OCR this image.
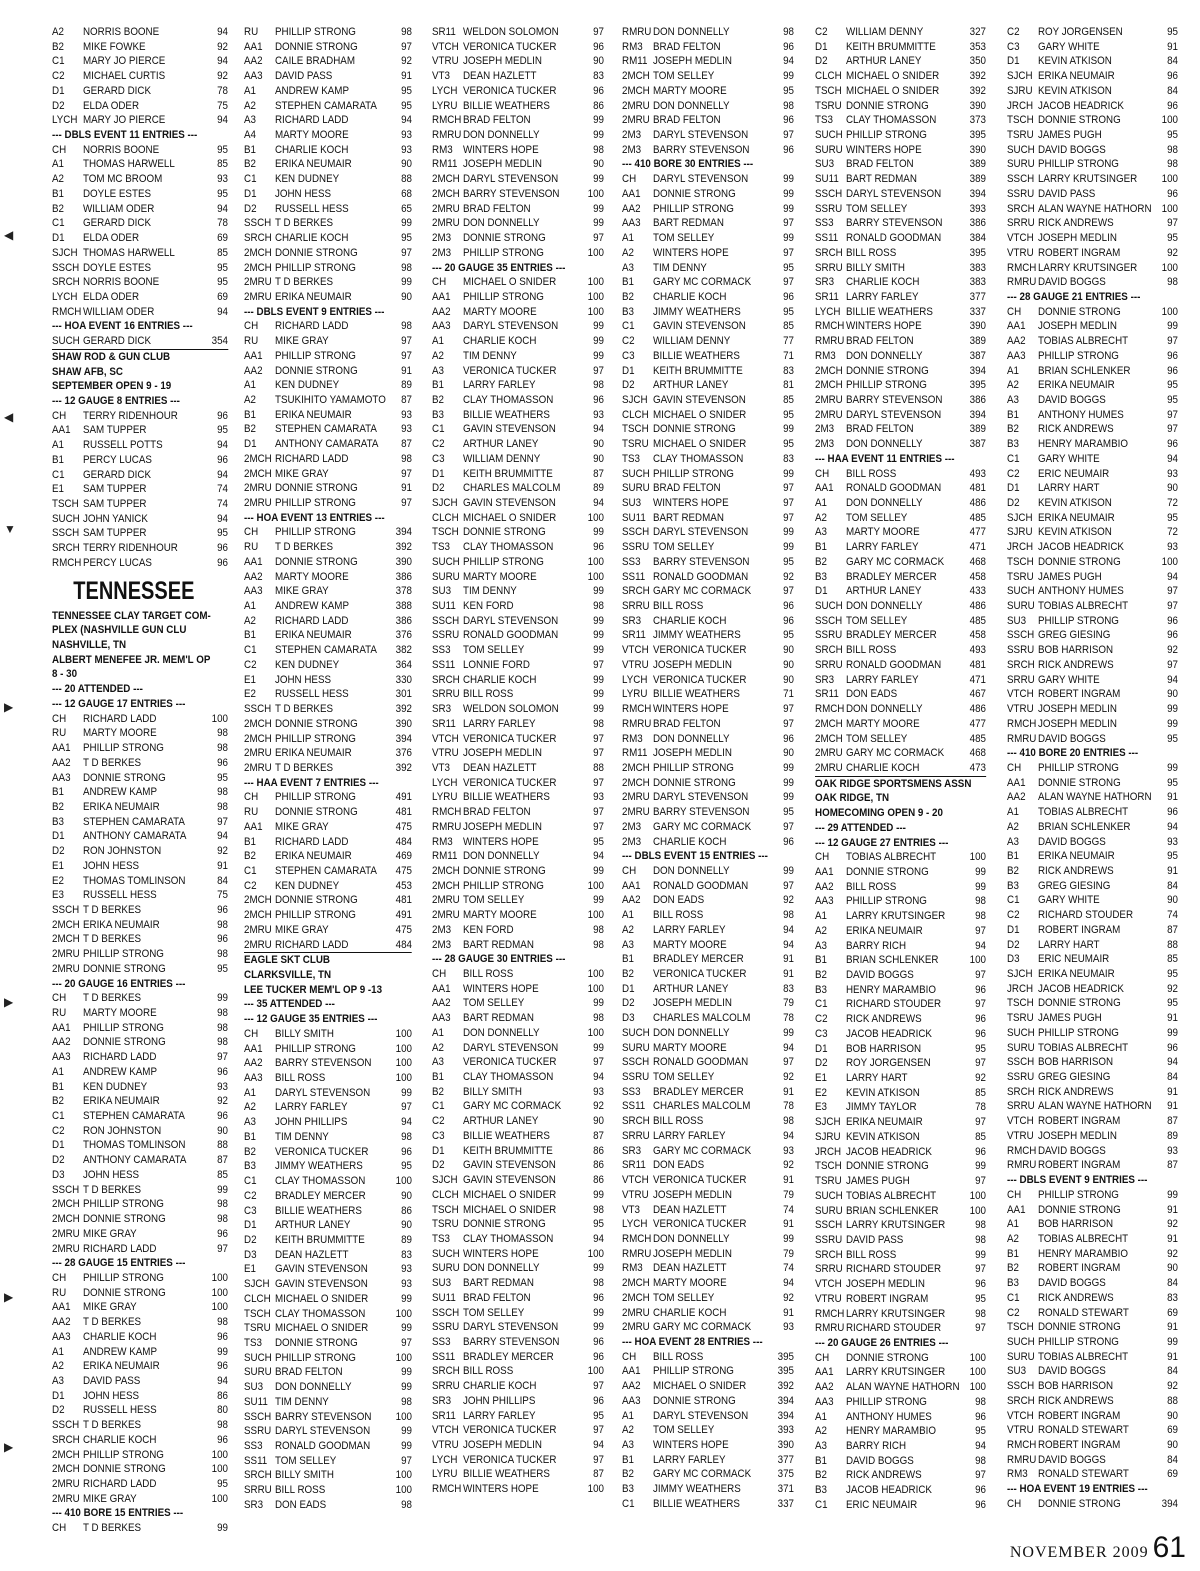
A2 NORRIS BOONE	94
B2 MIKE FOWKE	92
C1 MARY JO PIERCE	94
C2 MICHAEL CURTIS	92
D1 GERARD DICK	78
D2 ELDA ODER	75
LYCH MARY JO PIERCE	94
--- DBLS EVENT 11 ENTRIES ---
CH NORRIS BOONE	95
A1 THOMAS HARWELL	85
A2 TOM MC BROOM	93
B1 DOYLE ESTES	95
B2 WILLIAM ODER	94
C1 GERARD DICK	78
D1 ELDA ODER	69
SJCH THOMAS HARWELL	85
SSCH DOYLE ESTES	95
SRCH NORRIS BOONE	95
LYCH ELDA ODER	69
RMCH WILLIAM ODER	94
--- HOA EVENT 16 ENTRIES ---
SUCH GERARD DICK	354
SHAW ROD & GUN CLUB
SHAW AFB, SC
SEPTEMBER OPEN 9 - 19
--- 12 GAUGE 8 ENTRIES ---
CH TERRY RIDENHOUR	96
AA1 SAM TUPPER	95
A1 RUSSELL POTTS	94
B1 PERCY LUCAS	96
C1 GERARD DICK	94
E1 SAM TUPPER	74
TSCH SAM TUPPER	74
SUCH JOHN YANICK	94
SSCH SAM TUPPER	95
SRCH TERRY RIDENHOUR	96
RMCH PERCY LUCAS	96
TENNESSEE
TENNESSEE CLAY TARGET COM-
PLEX (NASHVILLE GUN CLU
NASHVILLE, TN
ALBERT MENEFEE JR. MEM'L OP
8 - 30
--- 20 ATTENDED ---
--- 12 GAUGE 17 ENTRIES ---
CH RICHARD LADD	100
RU MARTY MOORE	98
AA1 PHILLIP STRONG	98
AA2 T D BERKES	96
AA3 DONNIE STRONG	95
B1 ANDREW KAMP	98
B2 ERIKA NEUMAIR	98
B3 STEPHEN CAMARATA	97
D1 ANTHONY CAMARATA	94
D2 RON JOHNSTON	92
E1 JOHN HESS	91
E2 THOMAS TOMLINSON	84
E3 RUSSELL HESS	75
SSCH T D BERKES	96
2MCH ERIKA NEUMAIR	98
2MCH T D BERKES	96
2MRU PHILLIP STRONG	98
2MRU DONNIE STRONG	95
--- 20 GAUGE 16 ENTRIES ---
CH T D BERKES	99
RU MARTY MOORE	98
AA1 PHILLIP STRONG	98
AA2 DONNIE STRONG	98
AA3 RICHARD LADD	97
A1 ANDREW KAMP	96
B1 KEN DUDNEY	93
B2 ERIKA NEUMAIR	92
C1 STEPHEN CAMARATA	96
C2 RON JOHNSTON	90
D1 THOMAS TOMLINSON	88
D2 ANTHONY CAMARATA	87
D3 JOHN HESS	85
SSCH T D BERKES	99
2MCH PHILLIP STRONG	98
2MCH DONNIE STRONG	98
2MRU MIKE GRAY	96
2MRU RICHARD LADD	97
--- 28 GAUGE 15 ENTRIES ---
CH PHILLIP STRONG	100
RU DONNIE STRONG	100
AA1 MIKE GRAY	100
AA2 T D BERKES	98
AA3 CHARLIE KOCH	96
A1 ANDREW KAMP	99
A2 ERIKA NEUMAIR	96
A3 DAVID PASS	94
D1 JOHN HESS	86
D2 RUSSELL HESS	80
SSCH T D BERKES	98
SRCH CHARLIE KOCH	96
2MCH PHILLIP STRONG	100
2MCH DONNIE STRONG	100
2MRU RICHARD LADD	95
2MRU MIKE GRAY	100
--- 410 BORE 15 ENTRIES ---
CH T D BERKES	99
RU PHILLIP STRONG	98
AA1 DONNIE STRONG	97
AA2 CAILE BRADHAM	92
AA3 DAVID PASS	91
A1 ANDREW KAMP	95
A2 STEPHEN CAMARATA 95
A3 RICHARD LADD	94
A4 MARTY MOORE	93
B1 CHARLIE KOCH	93
B2 ERIKA NEUMAIR	90
C1 KEN DUDNEY	88
D1 JOHN HESS	68
D2 RUSSELL HESS	65
SSCH T D BERKES	99
SRCH CHARLIE KOCH	95
2MCH DONNIE STRONG	97
2MCH PHILLIP STRONG	98
2MRU T D BERKES	99
2MRU ERIKA NEUMAIR	90
--- DBLS EVENT 9 ENTRIES ---
CH RICHARD LADD	98
RU MIKE GRAY	97
AA1 PHILLIP STRONG	97
AA2 DONNIE STRONG	91
A1 KEN DUDNEY	89
A2 TSUKIHITO YAMAMOTO 87
B1 ERIKA NEUMAIR	93
B2 STEPHEN CAMARATA 93
D1 ANTHONY CAMARATA 87
2MCH RICHARD LADD	98
2MCH MIKE GRAY	97
2MRU DONNIE STRONG	91
2MRU PHILLIP STRONG	97
--- HOA EVENT 13 ENTRIES ---
CH PHILLIP STRONG	394
RU T D BERKES	392
AA1 DONNIE STRONG	390
AA2 MARTY MOORE	386
AA3 MIKE GRAY	378
A1 ANDREW KAMP	388
A2 RICHARD LADD	386
B1 ERIKA NEUMAIR	376
C1 STEPHEN CAMARATA 382
C2 KEN DUDNEY	364
E1 JOHN HESS	330
E2 RUSSELL HESS	301
SSCH T D BERKES	392
2MCH DONNIE STRONG	390
2MCH PHILLIP STRONG	394
2MRU ERIKA NEUMAIR	376
2MRU T D BERKES	392
--- HAA EVENT 7 ENTRIES ---
CH PHILLIP STRONG	491
RU DONNIE STRONG	481
AA1 MIKE GRAY	475
B1 RICHARD LADD	484
B2 ERIKA NEUMAIR	469
C1 STEPHEN CAMARATA 475
C2 KEN DUDNEY	453
2MCH DONNIE STRONG	481
2MCH PHILLIP STRONG	491
2MRU MIKE GRAY	475
2MRU RICHARD LADD	484
EAGLE SKT CLUB
CLARKSVILLE, TN
LEE TUCKER MEM'L OP 9 -13
--- 35 ATTENDED ---
--- 12 GAUGE 35 ENTRIES ---
CH BILLY SMITH	100
AA1 PHILLIP STRONG	100
AA2 BARRY STEVENSON 100
AA3 BILL ROSS	100
A1 DARYL STEVENSON	99
A2 LARRY FARLEY	97
A3 JOHN PHILLIPS	94
B1 TIM DENNY	98
B2 VERONICA TUCKER	96
B3 JIMMY WEATHERS	95
C1 CLAY THOMASSON	100
C2 BRADLEY MERCER	90
C3 BILLIE WEATHERS	86
D1 ARTHUR LANEY	90
D2 KEITH BRUMMITTE	89
D3 DEAN HAZLETT	83
E1 GAVIN STEVENSON	93
SJCH GAVIN STEVENSON	93
CLCH MICHAEL O SNIDER	99
TSCH CLAY THOMASSON	100
TSRU MICHAEL O SNIDER	99
TS3 DONNIE STRONG	97
SUCH PHILLIP STRONG	100
SURU BRAD FELTON	99
SU3 DON DONNELLY	99
SU11 TIM DENNY	98
SSCH BARRY STEVENSON 100
SSRU DARYL STEVENSON	99
SS3 RONALD GOODMAN	99
SS11 TOM SELLEY	97
SRCH BILLY SMITH	100
SRRU BILL ROSS	100
SR3 DON EADS	98
SR11 WELDON SOLOMON	97
VTCH VERONICA TUCKER	96
VTRU JOSEPH MEDLIN	90
VT3 DEAN HAZLETT	83
LYCH VERONICA TUCKER	96
LYRU BILLIE WEATHERS	86
RMCH BRAD FELTON	99
RMRU DON DONNELLY	99
RM3 WINTERS HOPE	98
RM11 JOSEPH MEDLIN	90
2MCH DARYL STEVENSON	99
2MCH BARRY STEVENSON 100
2MRU BRAD FELTON	99
2MRU DON DONNELLY	99
2M3 DONNIE STRONG	97
2M3 PHILLIP STRONG	100
--- 20 GAUGE 35 ENTRIES ---
CH MICHAEL O SNIDER	100
AA1 PHILLIP STRONG	100
AA2 MARTY MOORE	100
AA3 DARYL STEVENSON	99
A1 CHARLIE KOCH	99
A2 TIM DENNY	99
A3 VERONICA TUCKER	97
B1 LARRY FARLEY	98
B2 CLAY THOMASSON	96
B3 BILLIE WEATHERS	93
C1 GAVIN STEVENSON	94
C2 ARTHUR LANEY	90
C3 WILLIAM DENNY	90
D1 KEITH BRUMMITTE	87
D2 CHARLES MALCOLM	89
SJCH GAVIN STEVENSON	94
CLCH MICHAEL O SNIDER	100
TSCH DONNIE STRONG	99
TS3 CLAY THOMASSON	96
SUCH PHILLIP STRONG	100
SURU MARTY MOORE	100
SU3 TIM DENNY	99
SU11 KEN FORD	98
SSCH DARYL STEVENSON	99
SSRU RONALD GOODMAN	99
SS3 TOM SELLEY	99
SS11 LONNIE FORD	97
SRCH CHARLIE KOCH	99
SRRU BILL ROSS	99
SR3 WELDON SOLOMON	99
SR11 LARRY FARLEY	98
VTCH VERONICA TUCKER	97
VTRU JOSEPH MEDLIN	97
VT3 DEAN HAZLETT	88
LYCH VERONICA TUCKER	97
LYRU BILLIE WEATHERS	93
RMCH BRAD FELTON	97
RMRU JOSEPH MEDLIN	97
RM3 WINTERS HOPE	95
RM11 DON DONNELLY	94
2MCH DONNIE STRONG	99
2MCH PHILLIP STRONG	100
2MRU TOM SELLEY	99
2MRU MARTY MOORE	100
2M3 KEN FORD	98
2M3 BART REDMAN	98
--- 28 GAUGE 30 ENTRIES ---
CH BILL ROSS	100
AA1 WINTERS HOPE	100
AA2 TOM SELLEY	99
AA3 BART REDMAN	98
A1 DON DONNELLY	100
A2 DARYL STEVENSON	99
A3 VERONICA TUCKER	97
B1 CLAY THOMASSON	94
B2 BILLY SMITH	93
C1 GARY MC CORMACK	92
C2 ARTHUR LANEY	90
C3 BILLIE WEATHERS	87
D1 KEITH BRUMMITTE	86
D2 GAVIN STEVENSON	86
SJCH GAVIN STEVENSON	86
CLCH MICHAEL O SNIDER	99
TSCH MICHAEL O SNIDER	98
TSRU DONNIE STRONG	95
TS3 CLAY THOMASSON	94
SUCH WINTERS HOPE	100
SURU DON DONNELLY	99
SU3 BART REDMAN	98
SU11 BRAD FELTON	96
SSCH TOM SELLEY	99
SSRU DARYL STEVENSON	99
SS3 BARRY STEVENSON	96
SS11 BRADLEY MERCER	96
SRCH BILL ROSS	100
SRRU CHARLIE KOCH	97
SR3 JOHN PHILLIPS	96
SR11 LARRY FARLEY	95
VTCH VERONICA TUCKER	97
VTRU JOSEPH MEDLIN	94
LYCH VERONICA TUCKER	97
LYRU BILLIE WEATHERS	87
RMCH WINTERS HOPE	100
RMRU DON DONNELLY	98
RM3 BRAD FELTON	96
RM11 JOSEPH MEDLIN	94
2MCH TOM SELLEY	99
2MCH MARTY MOORE	95
2MRU DON DONNELLY	98
2MRU BRAD FELTON	96
2M3 DARYL STEVENSON	97
2M3 BARRY STEVENSON	96
--- 410 BORE 30 ENTRIES ---
CH DARYL STEVENSON	99
AA1 DONNIE STRONG	99
AA2 PHILLIP STRONG	99
AA3 BART REDMAN	97
A1 TOM SELLEY	99
A2 WINTERS HOPE	97
A3 TIM DENNY	95
B1 GARY MC CORMACK	97
B2 CHARLIE KOCH	96
B3 JIMMY WEATHERS	95
C1 GAVIN STEVENSON	85
C2 WILLIAM DENNY	77
C3 BILLIE WEATHERS	71
D1 KEITH BRUMMITTE	83
D2 ARTHUR LANEY	81
SJCH GAVIN STEVENSON	85
CLCH MICHAEL O SNIDER	95
TSCH DONNIE STRONG	99
TSRU MICHAEL O SNIDER	95
TS3 CLAY THOMASSON	83
SUCH PHILLIP STRONG	99
SURU BRAD FELTON	97
SU3 WINTERS HOPE	97
SU11 BART REDMAN	97
SSCH DARYL STEVENSON	99
SSRU TOM SELLEY	99
SS3 BARRY STEVENSON	95
SS11 RONALD GOODMAN	92
SRCH GARY MC CORMACK	97
SRRU BILL ROSS	96
SR3 CHARLIE KOCH	96
SR11 JIMMY WEATHERS	95
VTCH VERONICA TUCKER	90
VTRU JOSEPH MEDLIN	90
LYCH VERONICA TUCKER	90
LYRU BILLIE WEATHERS	71
RMCH WINTERS HOPE	97
RMRU BRAD FELTON	97
RM3 DON DONNELLY	96
RM11 JOSEPH MEDLIN	90
2MCH PHILLIP STRONG	99
2MCH DONNIE STRONG	99
2MRU DARYL STEVENSON	99
2MRU BARRY STEVENSON	95
2M3 GARY MC CORMACK	97
2M3 CHARLIE KOCH	96
--- DBLS EVENT 15 ENTRIES ---
CH DON DONNELLY	99
AA1 RONALD GOODMAN	97
AA2 DON EADS	92
A1 BILL ROSS	98
A2 LARRY FARLEY	94
A3 MARTY MOORE	94
B1 BRADLEY MERCER	91
B2 VERONICA TUCKER	91
D1 ARTHUR LANEY	83
D2 JOSEPH MEDLIN	79
D3 CHARLES MALCOLM	78
SUCH DON DONNELLY	99
SURU MARTY MOORE	94
SSCH RONALD GOODMAN	97
SSRU TOM SELLEY	92
SS3 BRADLEY MERCER	91
SS11 CHARLES MALCOLM	78
SRCH BILL ROSS	98
SRRU LARRY FARLEY	94
SR3 GARY MC CORMACK	93
SR11 DON EADS	92
VTCH VERONICA TUCKER	91
VTRU JOSEPH MEDLIN	79
VT3 DEAN HAZLETT	74
LYCH VERONICA TUCKER	91
RMCH DON DONNELLY	99
RMRU JOSEPH MEDLIN	79
RM3 DEAN HAZLETT	74
2MCH MARTY MOORE	94
2MCH TOM SELLEY	92
2MRU CHARLIE KOCH	91
2MRU GARY MC CORMACK	93
--- HOA EVENT 28 ENTRIES ---
CH BILL ROSS	395
AA1 PHILLIP STRONG	395
AA2 MICHAEL O SNIDER	392
AA3 DONNIE STRONG	394
A1 DARYL STEVENSON	394
A2 TOM SELLEY	393
A3 WINTERS HOPE	390
B1 LARRY FARLEY	377
B2 GARY MC CORMACK 375
B3 JIMMY WEATHERS	371
C1 BILLIE WEATHERS	337
C2 WILLIAM DENNY	327
D1 KEITH BRUMMITTE	353
D2 ARTHUR LANEY	350
CLCH MICHAEL O SNIDER	392
TSCH MICHAEL O SNIDER	392
TSRU DONNIE STRONG	390
TS3 CLAY THOMASSON	373
SUCH PHILLIP STRONG	395
SURU WINTERS HOPE	390
SU3 BRAD FELTON	389
SU11 BART REDMAN	389
SSCH DARYL STEVENSON 394
SSRU TOM SELLEY	393
SS3 BARRY STEVENSON 386
SS11 RONALD GOODMAN 384
SRCH BILL ROSS	395
SRRU BILLY SMITH	383
SR3 CHARLIE KOCH	383
SR11 LARRY FARLEY	377
LYCH BILLIE WEATHERS	337
RMCH WINTERS HOPE	390
RMRU BRAD FELTON	389
RM3 DON DONNELLY	387
2MCH DONNIE STRONG	394
2MCH PHILLIP STRONG	395
2MRU BARRY STEVENSON 386
2MRU DARYL STEVENSON 394
2M3 BRAD FELTON	389
2M3 DON DONNELLY	387
--- HAA EVENT 11 ENTRIES ---
CH BILL ROSS	493
AA1 RONALD GOODMAN 481
A1 DON DONNELLY	486
A2 TOM SELLEY	485
A3 MARTY MOORE	477
B1 LARRY FARLEY	471
B2 GARY MC CORMACK 468
B3 BRADLEY MERCER	458
D1 ARTHUR LANEY	433
SUCH DON DONNELLY	486
SSCH TOM SELLEY	485
SSRU BRADLEY MERCER	458
SRCH BILL ROSS	493
SRRU RONALD GOODMAN 481
SR3 LARRY FARLEY	471
SR11 DON EADS	467
RMCH DON DONNELLY	486
2MCH MARTY MOORE	477
2MCH TOM SELLEY	485
2MRU GARY MC CORMACK 468
2MRU CHARLIE KOCH	473
OAK RIDGE SPORTSMENS ASSN
OAK RIDGE, TN
HOMECOMING OPEN 9 - 20
--- 29 ATTENDED ---
--- 12 GAUGE 27 ENTRIES ---
CH TOBIAS ALBRECHT	100
AA1 DONNIE STRONG	99
AA2 BILL ROSS	99
AA3 PHILLIP STRONG	98
A1 LARRY KRUTSINGER	98
A2 ERIKA NEUMAIR	97
A3 BARRY RICH	94
B1 BRIAN SCHLENKER	100
B2 DAVID BOGGS	97
B3 HENRY MARAMBIO	96
C1 RICHARD STOUDER	97
C2 RICK ANDREWS	96
C3 JACOB HEADRICK	96
D1 BOB HARRISON	95
D2 ROY JORGENSEN	97
E1 LARRY HART	92
E2 KEVIN ATKISON	85
E3 JIMMY TAYLOR	78
SJCH ERIKA NEUMAIR	97
SJRU KEVIN ATKISON	85
JRCH JACOB HEADRICK	96
TSCH DONNIE STRONG	99
TSRU JAMES PUGH	97
SUCH TOBIAS ALBRECHT	100
SURU BRIAN SCHLENKER	100
SSCH LARRY KRUTSINGER	98
SSRU DAVID PASS	98
SRCH BILL ROSS	99
SRRU RICHARD STOUDER	97
VTCH JOSEPH MEDLIN	96
VTRU ROBERT INGRAM	95
RMCH LARRY KRUTSINGER	98
RMRU RICHARD STOUDER	97
--- 20 GAUGE 26 ENTRIES ---
CH DONNIE STRONG	100
AA1 LARRY KRUTSINGER 100
AA2 ALAN WAYNE HATHORN 100
AA3 PHILLIP STRONG	98
A1 ANTHONY HUMES	96
A2 HENRY MARAMBIO	95
A3 BARRY RICH	94
B1 DAVID BOGGS	98
B2 RICK ANDREWS	97
B3 JACOB HEADRICK	96
C1 ERIC NEUMAIR	96
C2 ROY JORGENSEN	95
C3 GARY WHITE	91
D1 KEVIN ATKISON	84
SJCH ERIKA NEUMAIR	96
SJRU KEVIN ATKISON	84
JRCH JACOB HEADRICK	96
TSCH DONNIE STRONG	100
TSRU JAMES PUGH	95
SUCH DAVID BOGGS	98
SURU PHILLIP STRONG	98
SSCH LARRY KRUTSINGER 100
SSRU DAVID PASS	96
SRCH ALAN WAYNE HATHORN 100
SRRU RICK ANDREWS	97
VTCH JOSEPH MEDLIN	95
VTRU ROBERT INGRAM	92
RMCH LARRY KRUTSINGER 100
RMRU DAVID BOGGS	98
--- 28 GAUGE 21 ENTRIES ---
CH DONNIE STRONG	100
AA1 JOSEPH MEDLIN	99
AA2 TOBIAS ALBRECHT	97
AA3 PHILLIP STRONG	96
A1 BRIAN SCHLENKER	96
A2 ERIKA NEUMAIR	95
A3 DAVID BOGGS	95
B1 ANTHONY HUMES	97
B2 RICK ANDREWS	97
B3 HENRY MARAMBIO	96
C1 GARY WHITE	94
C2 ERIC NEUMAIR	93
D1 LARRY HART	90
D2 KEVIN ATKISON	72
SJCH ERIKA NEUMAIR	95
SJRU KEVIN ATKISON	72
JRCH JACOB HEADRICK	93
TSCH DONNIE STRONG	100
TSRU JAMES PUGH	94
SUCH ANTHONY HUMES	97
SURU TOBIAS ALBRECHT	97
SU3 PHILLIP STRONG	96
SSCH GREG GIESING	96
SSRU BOB HARRISON	92
SRCH RICK ANDREWS	97
SRRU GARY WHITE	94
VTCH ROBERT INGRAM	90
VTRU JOSEPH MEDLIN	99
RMCH JOSEPH MEDLIN	99
RMRU DAVID BOGGS	95
--- 410 BORE 20 ENTRIES ---
CH PHILLIP STRONG	99
AA1 DONNIE STRONG	95
AA2 ALAN WAYNE HATHORN 91
A1 TOBIAS ALBRECHT	96
A2 BRIAN SCHLENKER	94
A3 DAVID BOGGS	93
B1 ERIKA NEUMAIR	95
B2 RICK ANDREWS	91
B3 GREG GIESING	84
C1 GARY WHITE	90
C2 RICHARD STOUDER	74
D1 ROBERT INGRAM	87
D2 LARRY HART	88
D3 ERIC NEUMAIR	85
SJCH ERIKA NEUMAIR	95
JRCH JACOB HEADRICK	92
TSCH DONNIE STRONG	95
TSRU JAMES PUGH	91
SUCH PHILLIP STRONG	99
SURU TOBIAS ALBRECHT	96
SSCH BOB HARRISON	94
SSRU GREG GIESING	84
SRCH RICK ANDREWS	91
SRRU ALAN WAYNE HATHORN 91
VTCH ROBERT INGRAM	87
VTRU JOSEPH MEDLIN	89
RMCH DAVID BOGGS	93
RMRU ROBERT INGRAM	87
--- DBLS EVENT 9 ENTRIES ---
CH PHILLIP STRONG	99
AA1 DONNIE STRONG	91
A1 BOB HARRISON	92
A2 TOBIAS ALBRECHT	91
B1 HENRY MARAMBIO	92
B2 ROBERT INGRAM	90
B3 DAVID BOGGS	84
C1 RICK ANDREWS	83
C2 RONALD STEWART	69
TSCH DONNIE STRONG	91
SUCH PHILLIP STRONG	99
SURU TOBIAS ALBRECHT	91
SU3 DAVID BOGGS	84
SSCH BOB HARRISON	92
SRCH RICK ANDREWS	88
VTCH ROBERT INGRAM	90
VTRU RONALD STEWART	69
RMCH ROBERT INGRAM	90
RMRU DAVID BOGGS	84
RM3 RONALD STEWART	69
--- HOA EVENT 19 ENTRIES ---
CH DONNIE STRONG	394
NOVEMBER 2009 61
◀
◀
▼
▶
▶
▶
▶
